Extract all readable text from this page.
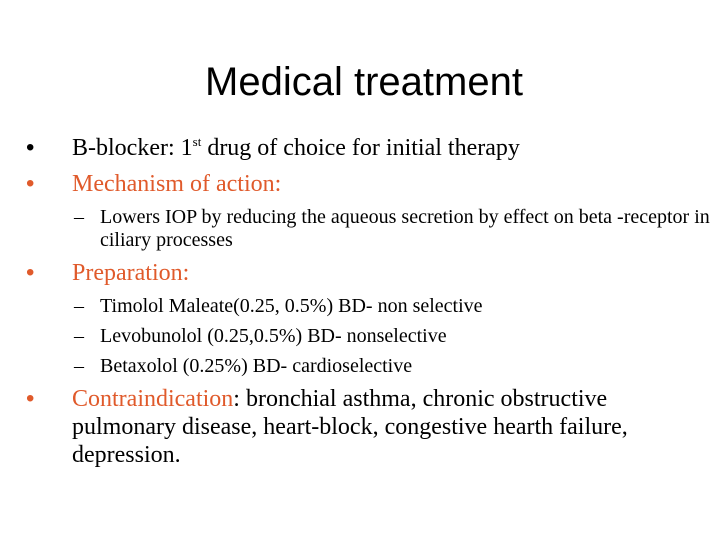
Medical treatment
•	B-blocker: 1st drug of choice for initial therapy
•	Mechanism of action:
– Lowers IOP by reducing the aqueous secretion by effect on beta -receptor in ciliary processes
•	Preparation:
– Timolol Maleate(0.25, 0.5%) BD- non selective
– Levobunolol (0.25,0.5%) BD- nonselective
– Betaxolol (0.25%) BD- cardioselective
•	Contraindication: bronchial asthma, chronic obstructive pulmonary disease, heart-block, congestive hearth failure, depression.
